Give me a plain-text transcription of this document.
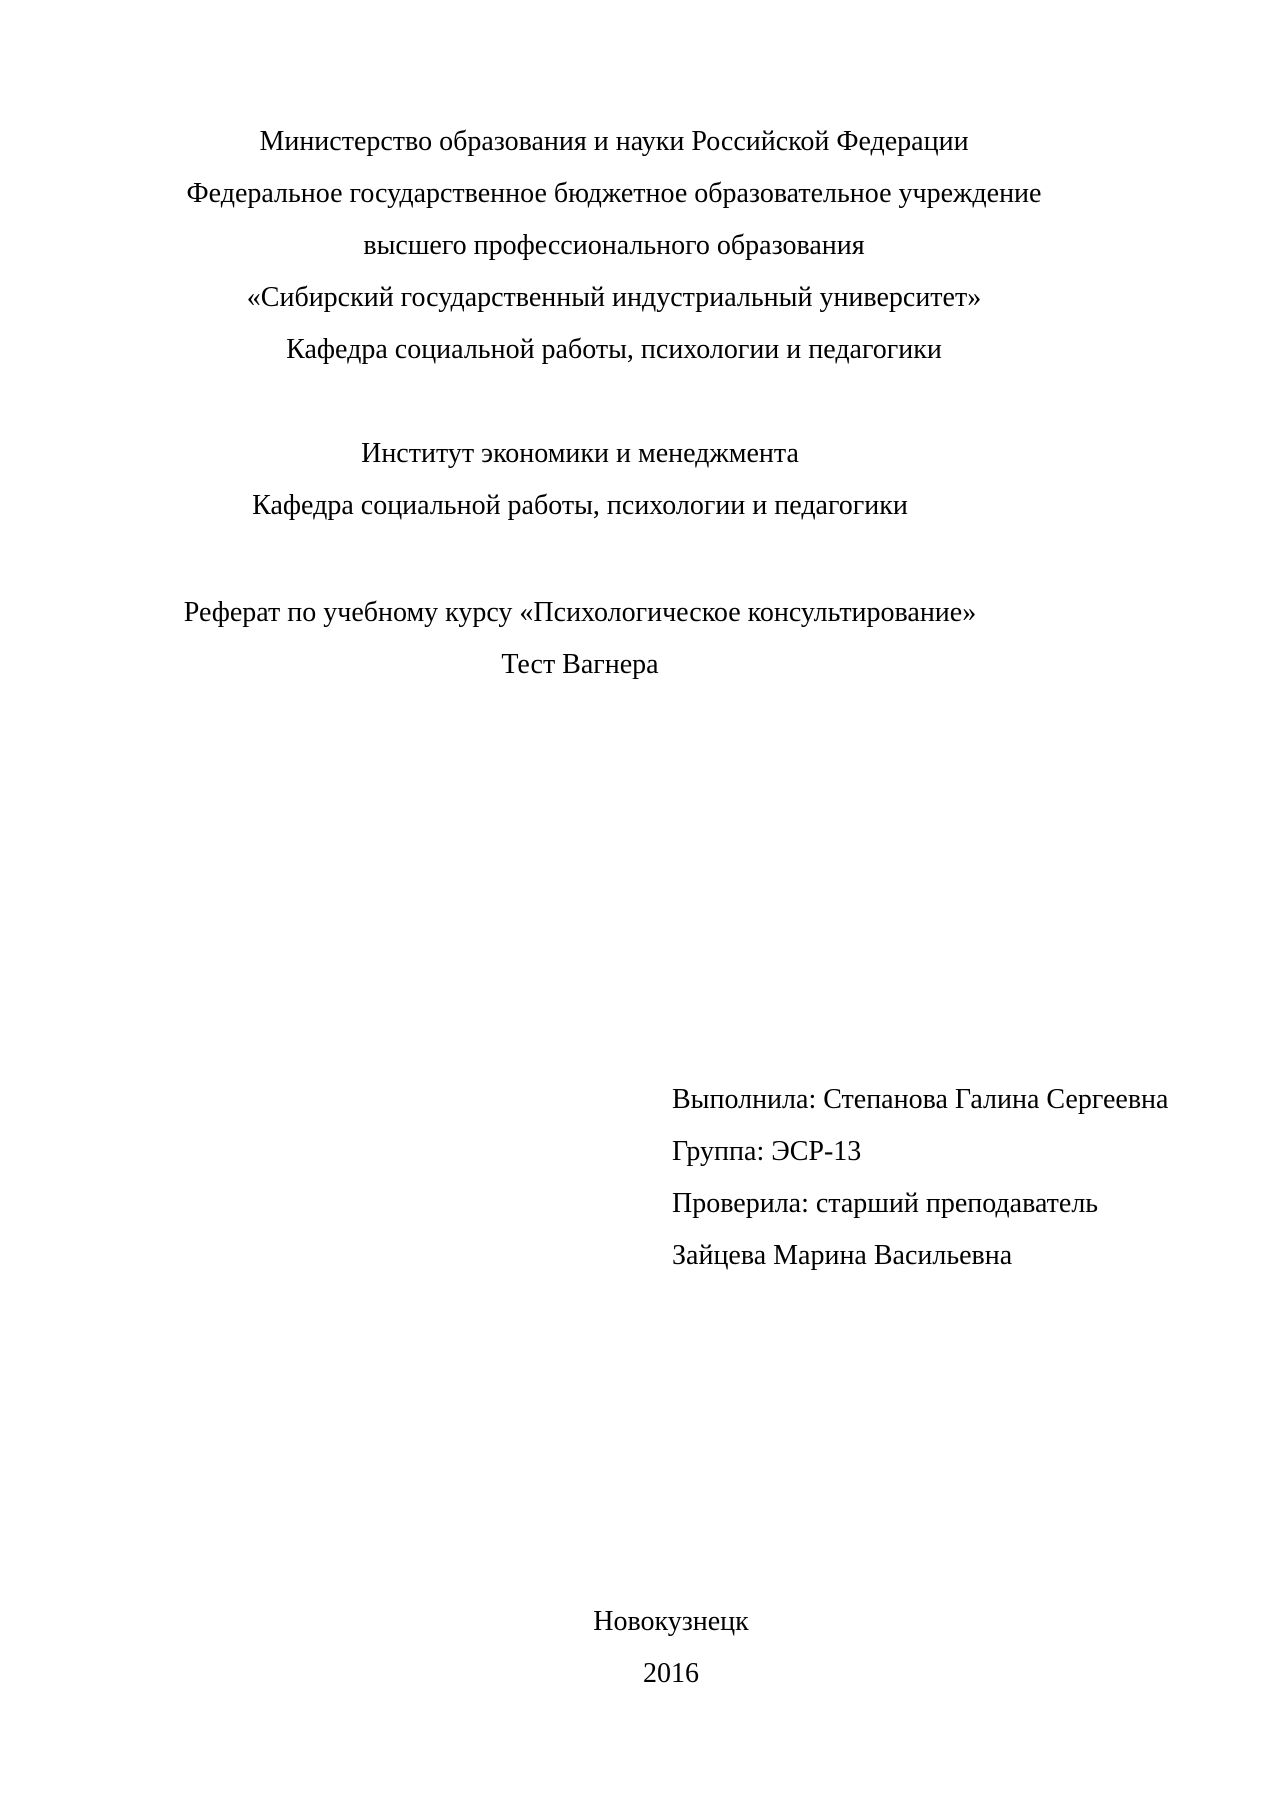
Министерство образования и науки Российской Федерации
Федеральное государственное бюджетное образовательное учреждение
высшего профессионального образования
«Сибирский государственный индустриальный университет»
Кафедра социальной работы, психологии и педагогики
Институт экономики и менеджмента
Кафедра социальной работы, психологии и педагогики
Реферат по учебному курсу «Психологическое консультирование»
Тест Вагнера
Выполнила: Степанова Галина Сергеевна
Группа: ЭСР-13
Проверила: старший преподаватель
Зайцева Марина Васильевна
Новокузнецк
2016
